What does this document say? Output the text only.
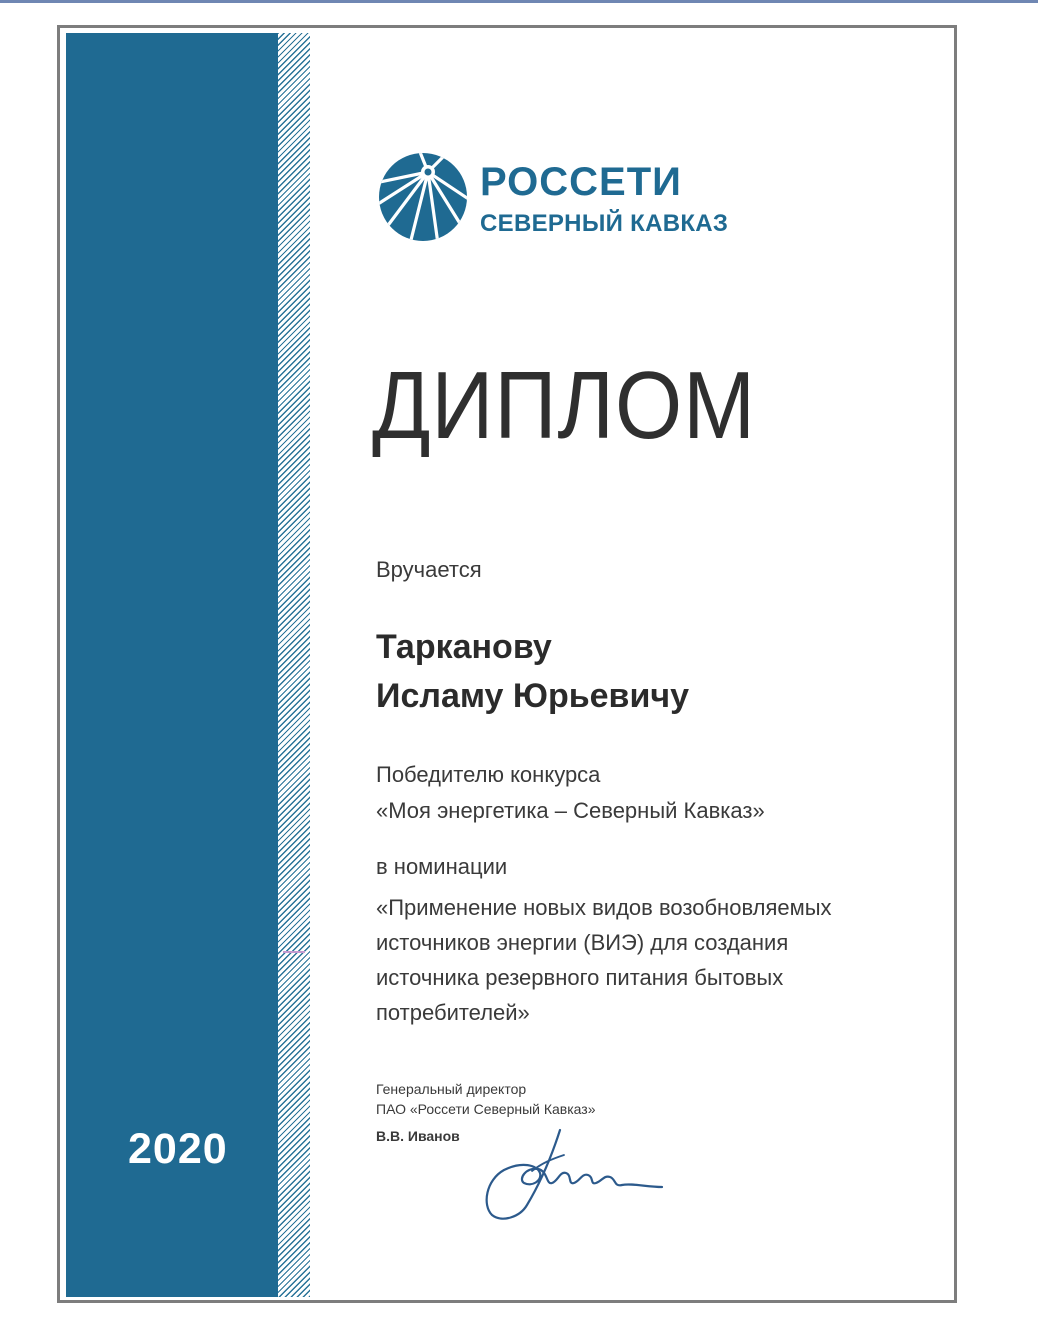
2020
РОССЕТИ
СЕВЕРНЫЙ КАВКАЗ
ДИПЛОМ
Вручается
Тарканову
Исламу Юрьевичу
Победителю конкурса
«Моя энергетика – Северный Кавказ»
в номинации
«Применение новых видов возобновляемых источников энергии (ВИЭ) для создания источника резервного питания бытовых потребителей»
Генеральный директор
ПАО «Россети Северный Кавказ»
В.В. Иванов
